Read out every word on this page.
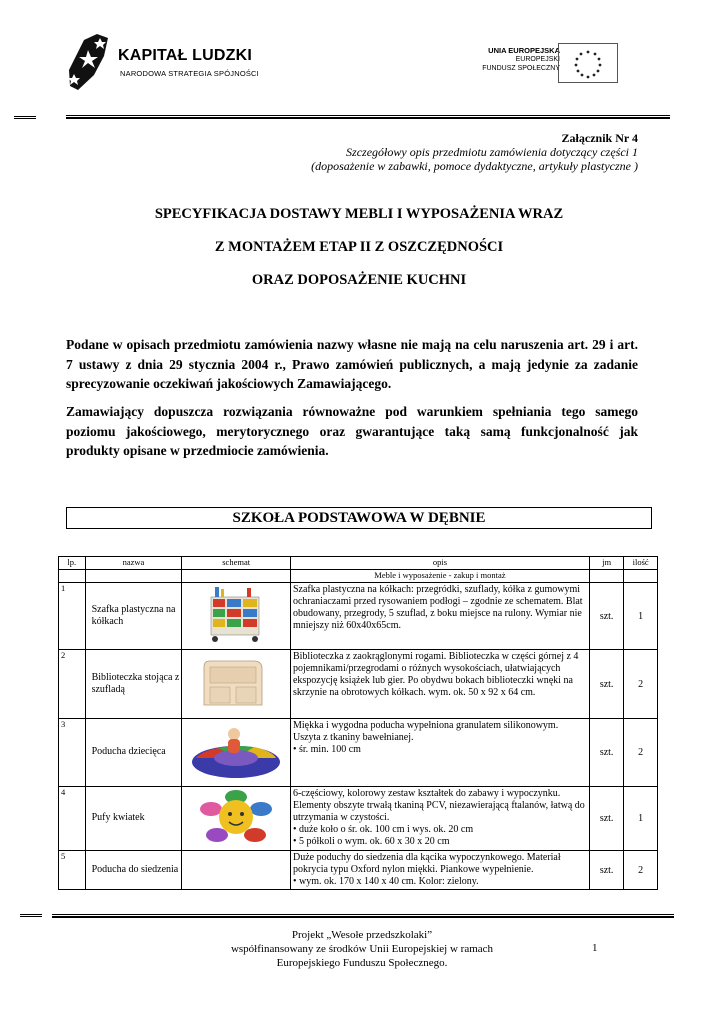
KAPITAŁ LUDZKI
NARODOWA STRATEGIA SPÓJNOŚCI
UNIA EUROPEJSKA
EUROPEJSKI
FUNDUSZ SPOŁECZNY
Załącznik Nr 4
Szczegółowy opis przedmiotu zamówienia dotyczący części 1
(doposażenie w zabawki, pomoce dydaktyczne, artykuły plastyczne )
SPECYFIKACJA DOSTAWY MEBLI I WYPOSAŻENIA WRAZ
Z MONTAŻEM ETAP II Z OSZCZĘDNOŚCI
ORAZ DOPOSAŻENIE KUCHNI
Podane w opisach przedmiotu zamówienia nazwy własne nie mają na celu naruszenia art. 29 i art. 7 ustawy z dnia 29 stycznia 2004 r., Prawo zamówień publicznych, a mają jedynie za zadanie sprecyzowanie oczekiwań jakościowych Zamawiającego.
Zamawiający dopuszcza rozwiązania równoważne pod warunkiem spełniania tego samego poziomu jakościowego, merytorycznego oraz gwarantujące taką samą funkcjonalność jak produkty opisane w przedmiocie zamówienia.
SZKOŁA PODSTAWOWA W DĘBNIE
lp.	nazwa	schemat	opis	jm	ilość
			Meble i wyposażenie - zakup i montaż		
1	Szafka plastyczna na kółkach		Szafka plastyczna na kółkach: przegródki, szuflady, kółka z gumowymi ochraniaczami przed rysowaniem podłogi – zgodnie ze schematem. Blat obudowany, przegrody, 5 szuflad, z boku miejsce na rulony. Wymiar nie mniejszy niż 60x40x65cm.	szt.	1
2	Biblioteczka stojąca z szufladą		Biblioteczka z zaokrąglonymi rogami. Biblioteczka w części górnej z 4 pojemnikami/przegrodami o różnych wysokościach, ułatwiających ekspozycję książek lub gier. Po obydwu bokach biblioteczki wnęki na skrzynie na obrotowych kółkach. wym. ok. 50 x 92 x 64 cm.	szt.	2
3	Poducha dziecięca		Miękka i wygodna poducha wypełniona granulatem silikonowym. Uszyta z tkaniny bawełnianej.
• śr. min. 100 cm	szt.	2
4	Pufy kwiatek		6-częściowy, kolorowy zestaw kształtek do zabawy i wypoczynku. Elementy obszyte trwałą tkaniną PCV, niezawierającą ftalanów, łatwą do utrzymania w czystości.
• duże koło o śr. ok. 100 cm i wys. ok. 20 cm
• 5 półkoli o wym. ok. 60 x 30 x 20 cm	szt.	1
5	Poducha do siedzenia		Duże poduchy do siedzenia dla kącika wypoczynkowego. Materiał pokrycia typu Oxford nylon miękki. Piankowe wypełnienie.
• wym. ok. 170 x 140 x 40 cm. Kolor: zielony.	szt.	2
Projekt „Wesołe przedszkolaki”
współfinansowany ze środków Unii Europejskiej w ramach
Europejskiego Funduszu Społecznego.
1
